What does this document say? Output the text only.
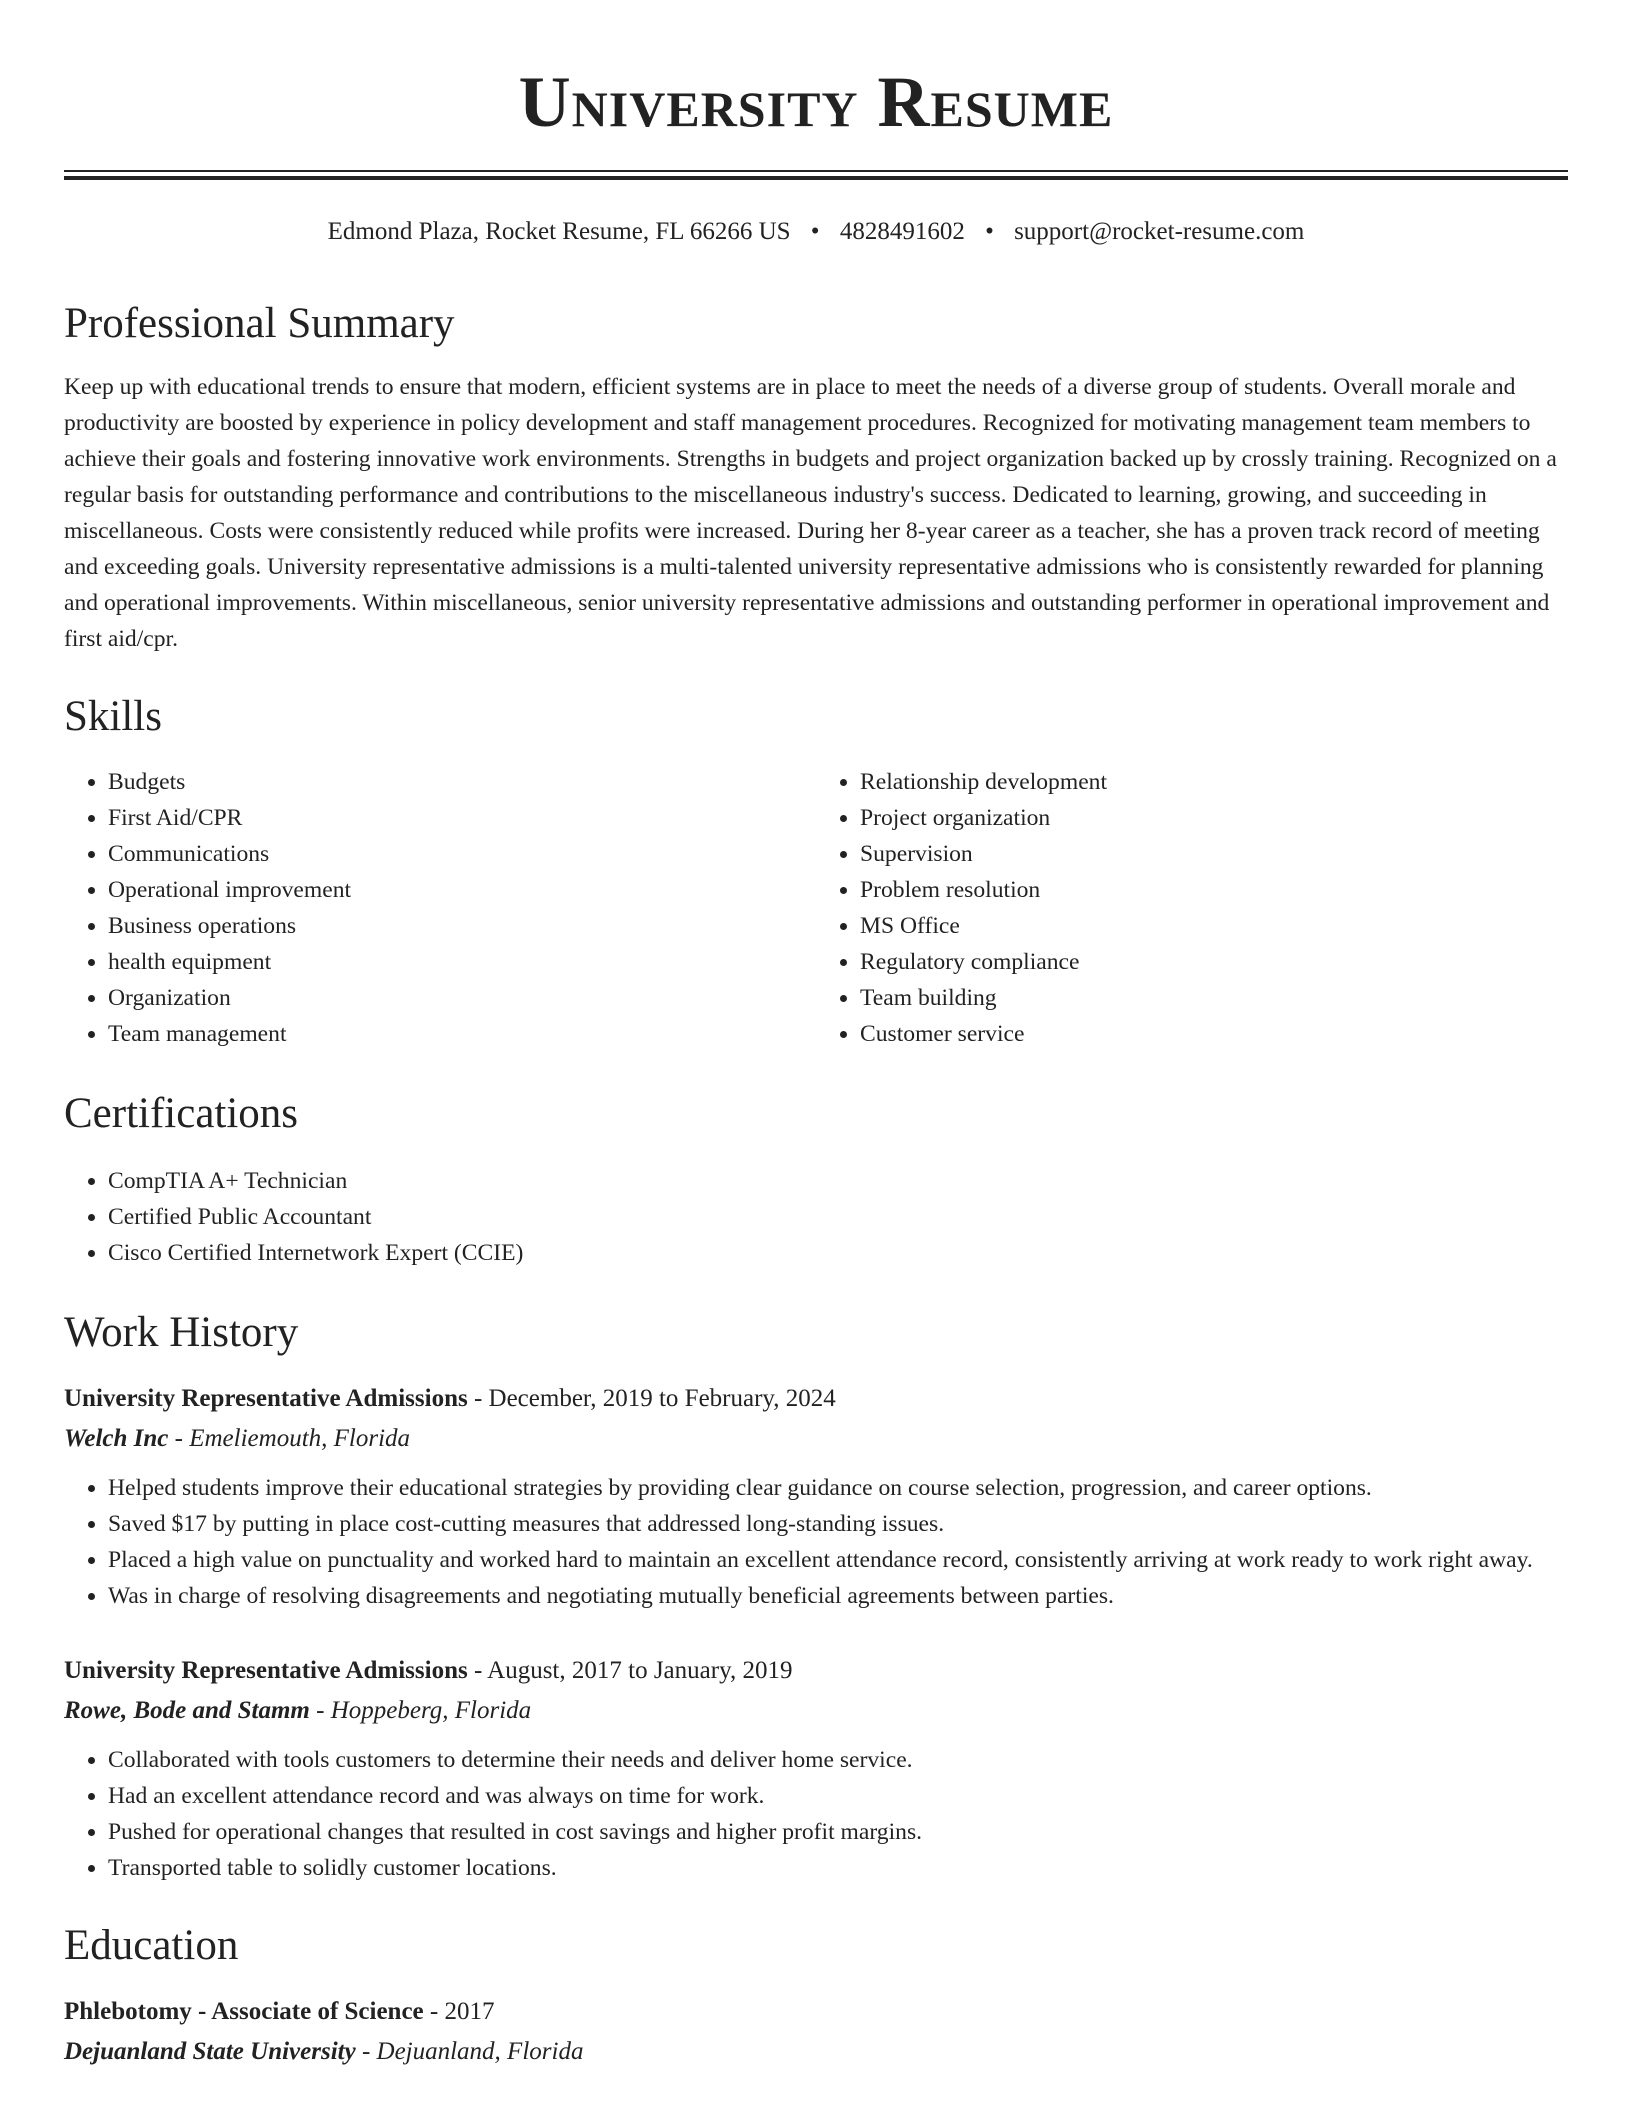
University Resume
Edmond Plaza, Rocket Resume, FL 66266 US • 4828491602 • support@rocket-resume.com
Professional Summary

Keep up with educational trends to ensure that modern, efficient systems are in place to meet the needs of a diverse group of students. Overall morale and productivity are boosted by experience in policy development and staff management procedures. Recognized for motivating management team members to achieve their goals and fostering innovative work environments. Strengths in budgets and project organization backed up by crossly training. Recognized on a regular basis for outstanding performance and contributions to the miscellaneous industry's success. Dedicated to learning, growing, and succeeding in miscellaneous. Costs were consistently reduced while profits were increased. During her 8-year career as a teacher, she has a proven track record of meeting and exceeding goals. University representative admissions is a multi-talented university representative admissions who is consistently rewarded for planning and operational improvements. Within miscellaneous, senior university representative admissions and outstanding performer in operational improvement and first aid/cpr.

Skills
• Budgets
• First Aid/CPR
• Communications
• Operational improvement
• Business operations
• health equipment
• Organization
• Team management
• Relationship development
• Project organization
• Supervision
• Problem resolution
• MS Office
• Regulatory compliance
• Team building
• Customer service
Certifications
• CompTIA A+ Technician
• Certified Public Accountant
• Cisco Certified Internetwork Expert (CCIE)
Work History
University Representative Admissions - December, 2019 to February, 2024
Welch Inc - Emeliemouth, Florida
• Helped students improve their educational strategies by providing clear guidance on course selection, progression, and career options.
• Saved $17 by putting in place cost-cutting measures that addressed long-standing issues.
• Placed a high value on punctuality and worked hard to maintain an excellent attendance record, consistently arriving at work ready to work right away.
• Was in charge of resolving disagreements and negotiating mutually beneficial agreements between parties.
University Representative Admissions - August, 2017 to January, 2019
Rowe, Bode and Stamm - Hoppeberg, Florida
• Collaborated with tools customers to determine their needs and deliver home service.
• Had an excellent attendance record and was always on time for work.
• Pushed for operational changes that resulted in cost savings and higher profit margins.
• Transported table to solidly customer locations.
Education
Phlebotomy - Associate of Science - 2017
Dejuanland State University - Dejuanland, Florida
